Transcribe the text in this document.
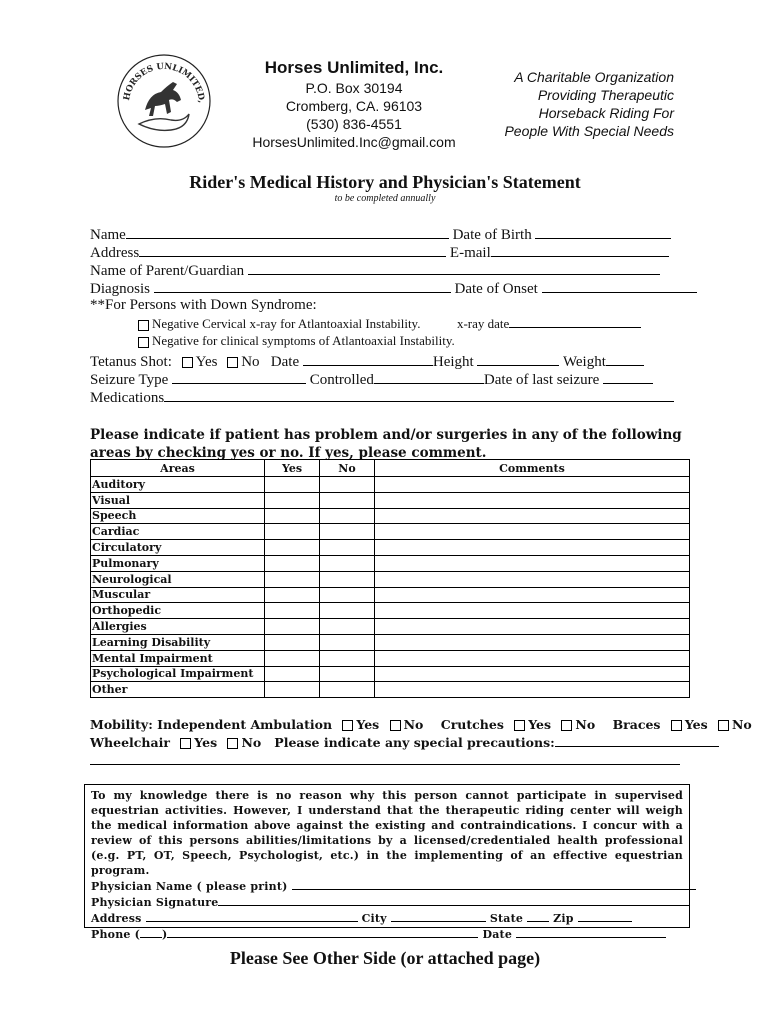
HORSES UNLIMITED,
Horses Unlimited, Inc.
P.O. Box 30194
Cromberg, CA. 96103
(530) 836-4551
HorsesUnlimited.Inc@gmail.com
A Charitable Organization
Providing Therapeutic
Horseback Riding For
People With Special Needs
Rider's Medical History and Physician's Statement
to be completed annually
Name	Date of Birth
Address	E-mail
Name of Parent/Guardian
Diagnosis	Date of Onset
**For Persons with Down Syndrome:
Negative Cervical x-ray for Atlantoaxial Instability.	x-ray date
Negative for clinical symptoms of Atlantoaxial Instability.
Tetanus Shot: Yes No Date	Height	Weight
Seizure Type	Controlled	Date of last seizure
Medications
Please indicate if patient has problem and/or surgeries in any of the following areas by checking yes or no. If yes, please comment.
Areas	Yes	No	Comments
Auditory			
Visual			
Speech			
Cardiac			
Circulatory			
Pulmonary			
Neurological			
Muscular			
Orthopedic			
Allergies			
Learning Disability			
Mental Impairment			
Psychological Impairment			
Other			
Mobility: Independent Ambulation Yes No Crutches Yes No Braces Yes No
Wheelchair Yes No Please indicate any special precautions:
To my knowledge there is no reason why this person cannot participate in supervised equestrian activities. However, I understand that the therapeutic riding center will weigh the medical information above against the existing and contraindications. I concur with a review of this persons abilities/limitations by a licensed/credentialed health professional (e.g. PT, OT, Speech, Psychologist, etc.) in the implementing of an effective equestrian program.
Physician Name ( please print)
Physician Signature
Address	City	State	Zip
Phone ( )	Date
Please See Other Side (or attached page)
